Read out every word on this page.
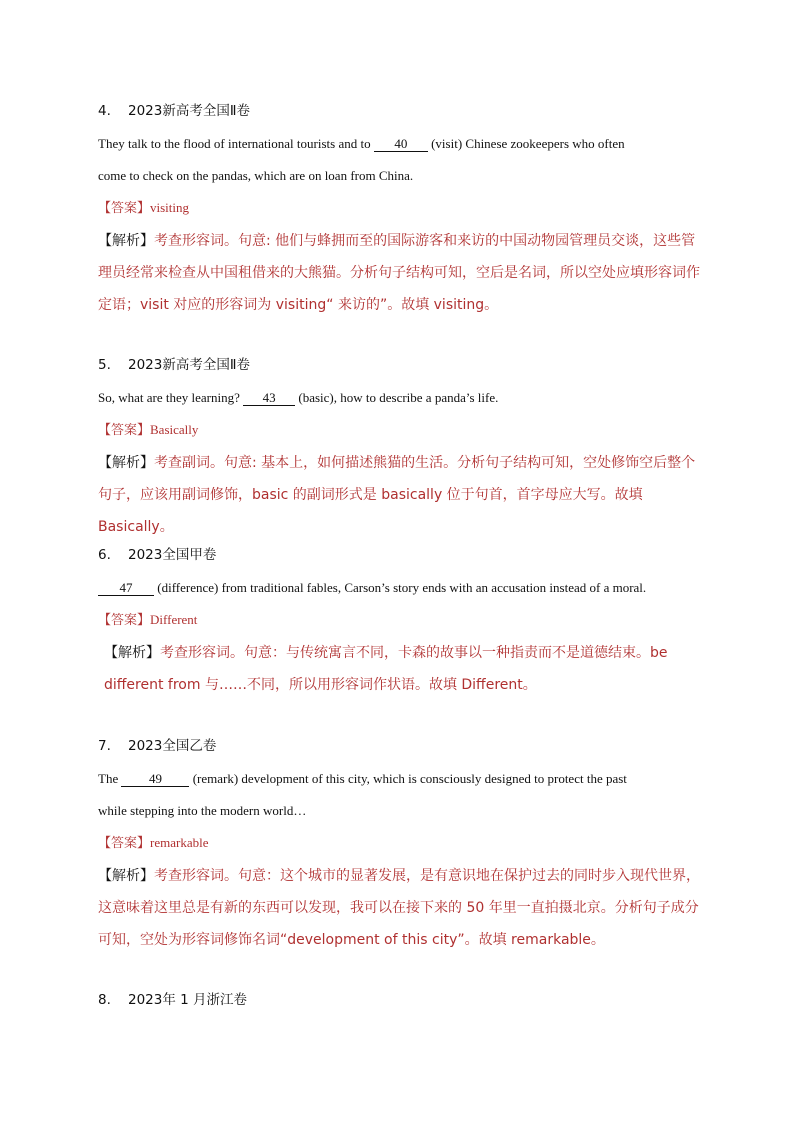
4. 2023新高考全国Ⅱ卷
They talk to the flood of international tourists and to 40 (visit) Chinese zookeepers who often
come to check on the pandas, which are on loan from China.
【答案】visiting
【解析】考查形容词。句意: 他们与蜂拥而至的国际游客和来访的中国动物园管理员交谈，这些管
理员经常来检查从中国租借来的大熊猫。分析句子结构可知，空后是名词，所以空处应填形容词作
定语；visit 对应的形容词为 visiting“ 来访的”。故填 visiting。
5. 2023新高考全国Ⅱ卷
So, what are they learning? 43 (basic), how to describe a panda’s life.
【答案】Basically
【解析】考查副词。句意: 基本上，如何描述熊猫的生活。分析句子结构可知，空处修饰空后整个
句子，应该用副词修饰，basic 的副词形式是 basically 位于句首，首字母应大写。故填 Basically。
6. 2023全国甲卷
47 (difference) from traditional fables, Carson’s story ends with an accusation instead of a moral.
【答案】Different
【解析】考查形容词。句意：与传统寓言不同，卡森的故事以一种指责而不是道德结束。be
different from 与……不同，所以用形容词作状语。故填 Different。
7. 2023全国乙卷
The 49 (remark) development of this city, which is consciously designed to protect the past
while stepping into the modern world…
【答案】remarkable
【解析】考查形容词。句意：这个城市的显著发展，是有意识地在保护过去的同时步入现代世界，
这意味着这里总是有新的东西可以发现，我可以在接下来的 50 年里一直拍摄北京。分析句子成分
可知，空处为形容词修饰名词“development of this city”。故填 remarkable。
8. 2023年 1 月浙江卷
